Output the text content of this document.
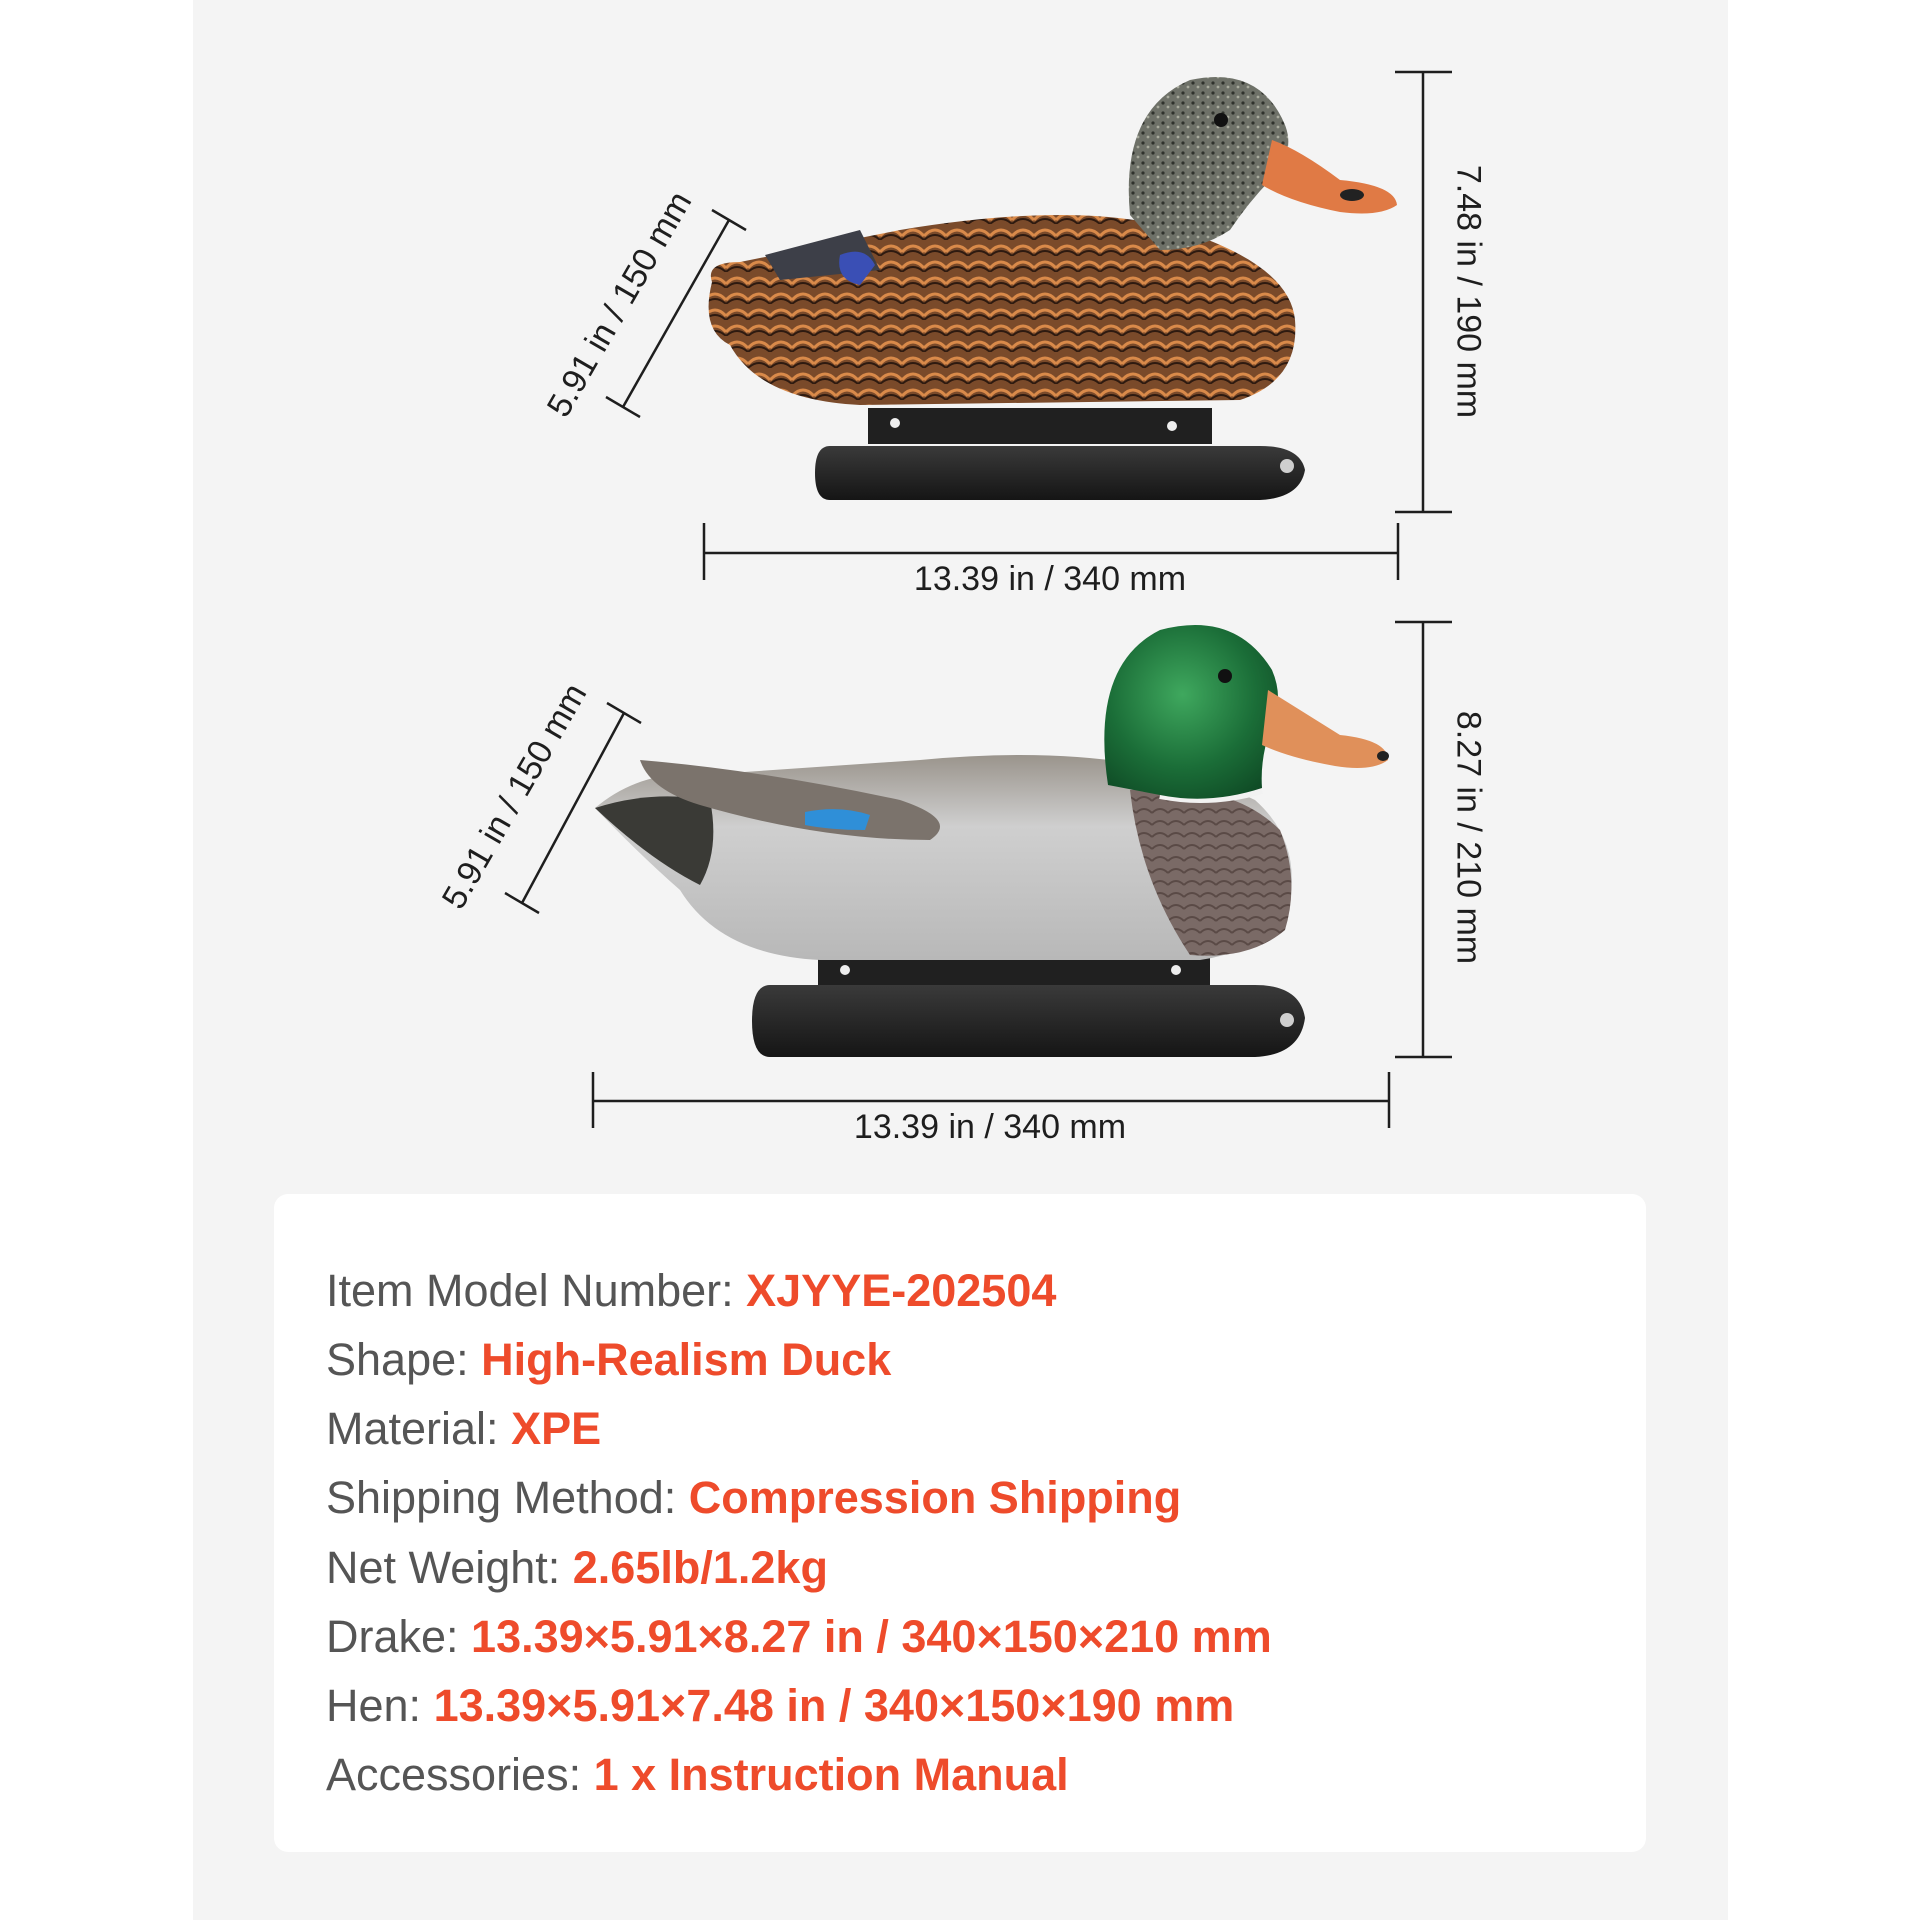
13.39 in / 340 mm
7.48 in / 190 mm
5.91 in / 150 mm
13.39 in / 340 mm
8.27 in / 210 mm
5.91 in / 150 mm
Item Model Number: XJYYE-202504
Shape: High-Realism Duck
Material: XPE
Shipping Method: Compression Shipping
Net Weight: 2.65lb/1.2kg
Drake: 13.39×5.91×8.27 in / 340×150×210 mm
Hen: 13.39×5.91×7.48 in / 340×150×190 mm
Accessories: 1 x Instruction Manual
